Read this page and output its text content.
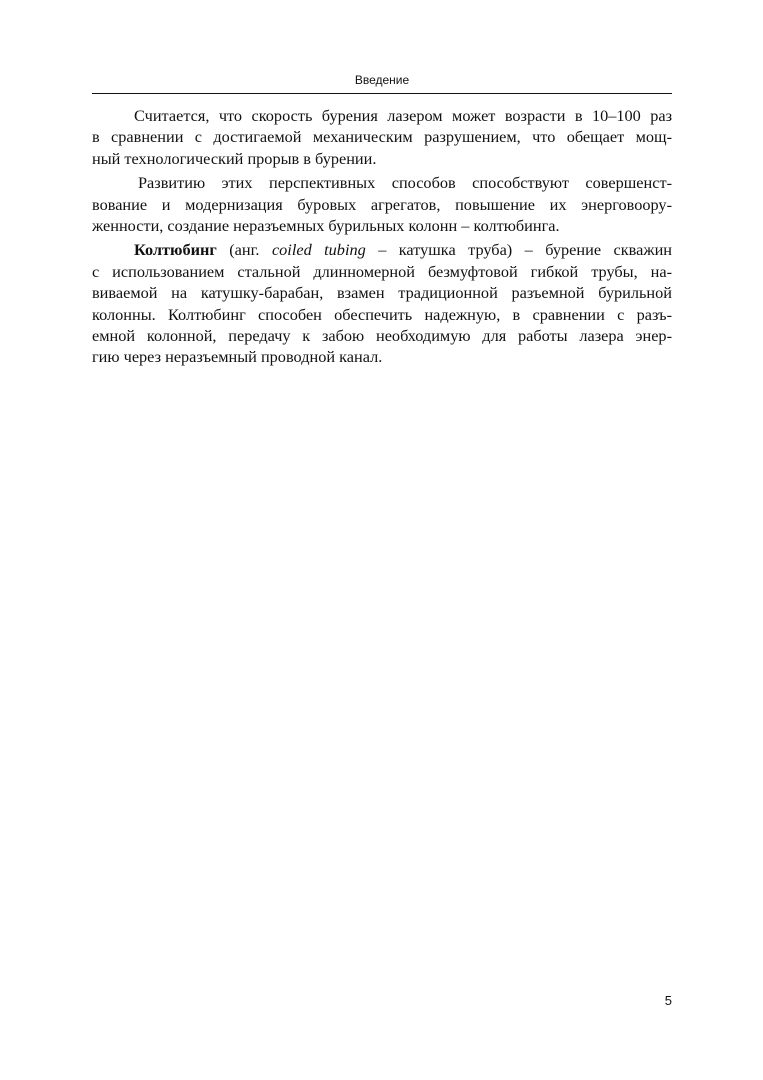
Введение

Считается, что скорость бурения лазером может возрасти в 10–100 раз
в сравнении с достигаемой механическим разрушением, что обещает мощ-
ный технологический прорыв в бурении.

Развитию этих перспективных способов способствуют совершенст-
вование и модернизация буровых агрегатов, повышение их энерговоору-
женности, создание неразъемных бурильных колонн – колтюбинга.

Колтюбинг (анг. coiled tubing – катушка труба) – бурение скважин
с использованием стальной длинномерной безмуфтовой гибкой трубы, на-
виваемой на катушку-барабан, взамен традиционной разъемной бурильной
колонны. Колтюбинг способен обеспечить надежную, в сравнении с разъ-
емной колонной, передачу к забою необходимую для работы лазера энер-
гию через неразъемный проводной канал.

5
